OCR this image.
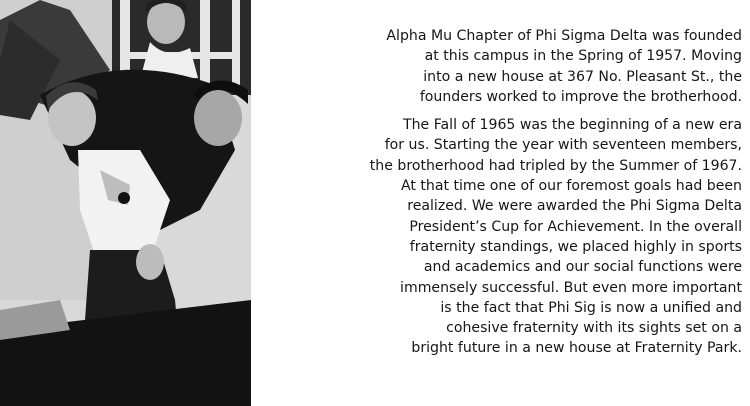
Alpha Mu Chapter of Phi Sigma Delta was founded
at this campus in the Spring of 1957. Moving
into a new house at 367 No. Pleasant St., the
founders worked to improve the brotherhood.

The Fall of 1965 was the beginning of a new era
for us. Starting the year with seventeen members,
the brotherhood had tripled by the Summer of 1967.
At that time one of our foremost goals had been
realized. We were awarded the Phi Sigma Delta
President’s Cup for Achievement. In the overall
fraternity standings, we placed highly in sports
and academics and our social functions were
immensely successful. But even more important
is the fact that Phi Sig is now a unified and
cohesive fraternity with its sights set on a
bright future in a new house at Fraternity Park.
